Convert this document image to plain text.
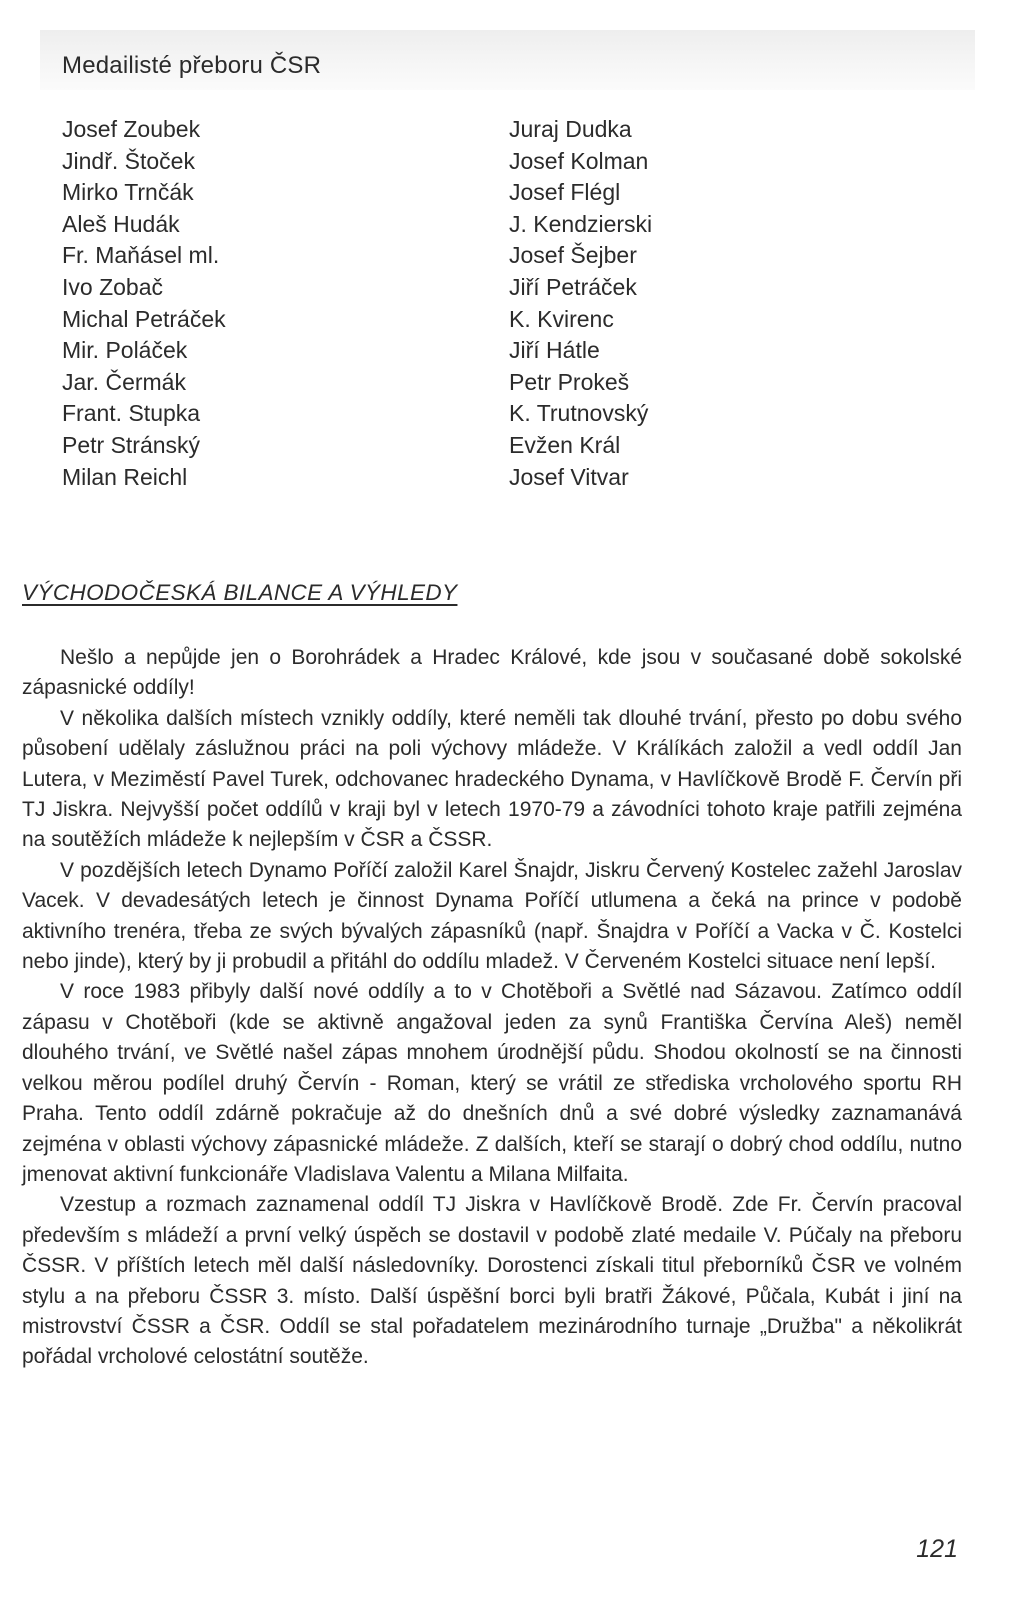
Medailisté přeboru ČSR
Josef Zoubek
Jindř. Štoček
Mirko Trnčák
Aleš Hudák
Fr. Maňásel ml.
Ivo Zobač
Michal Petráček
Mir. Poláček
Jar. Čermák
Frant. Stupka
Petr Stránský
Milan Reichl
Juraj Dudka
Josef Kolman
Josef Flégl
J. Kendzierski
Josef Šejber
Jiří Petráček
K. Kvirenc
Jiří Hátle
Petr Prokeš
K. Trutnovský
Evžen Král
Josef Vitvar
VÝCHODOČESKÁ BILANCE A VÝHLEDY

Nešlo a nepůjde jen o Borohrádek a Hradec Králové, kde jsou v současané době sokolské zápasnické oddíly!

V několika dalších místech vznikly oddíly, které neměli tak dlouhé trvání, přesto po dobu svého působení udělaly záslužnou práci na poli výchovy mládeže. V Králíkách založil a vedl oddíl Jan Lutera, v Meziměstí Pavel Turek, odchovanec hradeckého Dynama, v Havlíčkově Brodě F. Červín při TJ Jiskra. Nejvyšší počet oddílů v kraji byl v letech 1970-79 a závodníci tohoto kraje patřili zejména na soutěžích mládeže k nejlepším v ČSR a ČSSR.

V pozdějších letech Dynamo Poříčí založil Karel Šnajdr, Jiskru Červený Kostelec zažehl Jaroslav Vacek. V devadesátých letech je činnost Dynama Poříčí utlumena a čeká na prince v podobě aktivního trenéra, třeba ze svých bývalých zápasníků (např. Šnajdra v Poříčí a Vacka v Č. Kostelci nebo jinde), který by ji probudil a přitáhl do oddílu mladež. V Červeném Kostelci situace není lepší.

V roce 1983 přibyly další nové oddíly a to v Chotěboři a Světlé nad Sázavou. Zatímco oddíl zápasu v Chotěboři (kde se aktivně angažoval jeden za synů Františka Červína Aleš) neměl dlouhého trvání, ve Světlé našel zápas mnohem úrodnější půdu. Shodou okolností se na činnosti velkou měrou podílel druhý Červín - Roman, který se vrátil ze střediska vrcholového sportu RH Praha. Tento oddíl zdárně pokračuje až do dnešních dnů a své dobré výsledky zaznamanává zejména v oblasti výchovy zápasnické mládeže. Z dalších, kteří se starají o dobrý chod oddílu, nutno jmenovat aktivní funkcionáře Vladislava Valentu a Milana Milfaita.

Vzestup a rozmach zaznamenal oddíl TJ Jiskra v Havlíčkově Brodě. Zde Fr. Červín pracoval především s mládeží a první velký úspěch se dostavil v podobě zlaté medaile V. Púčaly na přeboru ČSSR. V příštích letech měl další následovníky. Dorostenci získali titul přeborníků ČSR ve volném stylu a na přeboru ČSSR 3. místo. Další úspěšní borci byli bratři Žákové, Půčala, Kubát i jiní na mistrovství ČSSR a ČSR. Oddíl se stal pořadatelem mezinárodního turnaje „Družba" a několikrát pořádal vrcholové celostátní soutěže.

121
